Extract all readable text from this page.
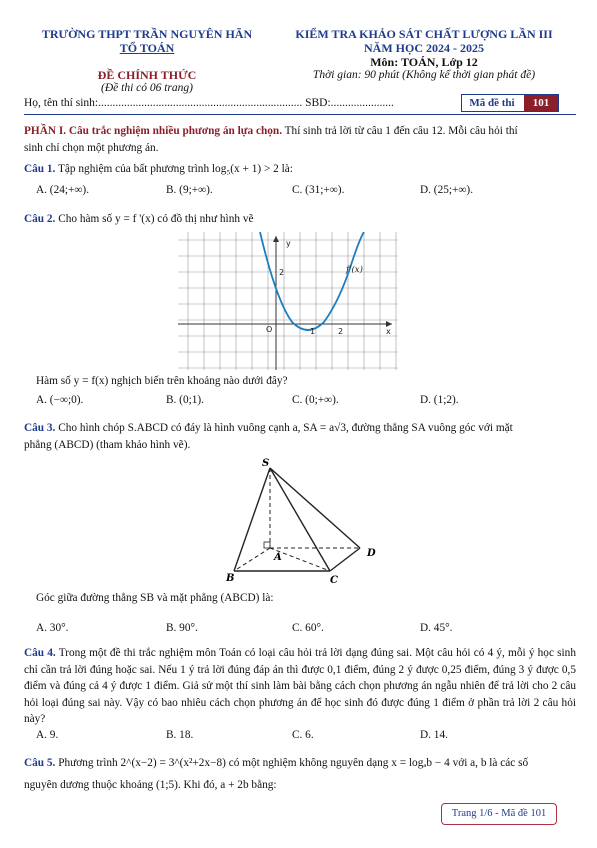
TRƯỜNG THPT TRẦN NGUYÊN HÃN
TỔ TOÁN
KIỂM TRA KHẢO SÁT CHẤT LƯỢNG LẦN III
NĂM HỌC 2024 - 2025
Môn: TOÁN, Lớp 12
ĐỀ CHÍNH THỨC	Thời gian: 90 phút (Không kể thời gian phát đề)
(Đề thi có 06 trang)
Họ, tên thí sinh:....................................................................... SBD:......................	Mã đề thi	101
PHẦN I. Câu trắc nghiệm nhiều phương án lựa chọn. Thí sinh trả lời từ câu 1 đến câu 12. Mỗi câu hỏi thí
sinh chỉ chọn một phương án.
Câu 1. Tập nghiệm của bất phương trình log₅(x + 1) > 2 là:
A. (24;+∞).	B. (9;+∞).	C. (31;+∞).	D. (25;+∞).
Câu 2. Cho hàm số y = f '(x) có đồ thị như hình vẽ
y
x
O
2
1	2
f'(x)
Hàm số y = f(x) nghịch biến trên khoảng nào dưới đây?
A. (−∞;0).	B. (0;1).	C. (0;+∞).	D. (1;2).
Câu 3. Cho hình chóp S.ABCD có đáy là hình vuông cạnh a, SA = a√3, đường thẳng SA vuông góc với mặt
phẳng (ABCD) (tham khảo hình vẽ).
S
A
B	C
D
Góc giữa đường thẳng SB và mặt phẳng (ABCD) là:
A. 30°.	B. 90°.	C. 60°.	D. 45°.
Câu 4. Trong một đề thi trắc nghiệm môn Toán có loại câu hỏi trả lời dạng đúng sai. Một câu hỏi có 4 ý, mỗi ý học sinh chỉ cần trả lời đúng hoặc sai. Nếu 1 ý trả lời đúng đáp án thì được 0,1 điểm, đúng 2 ý được 0,25 điểm, đúng 3 ý được 0,5 điểm và đúng cả 4 ý được 1 điểm. Giả sử một thí sinh làm bài bằng cách chọn phương án ngẫu nhiên để trả lời cho 2 câu hỏi loại đúng sai này. Vậy có bao nhiêu cách chọn phương án để học sinh đó được đúng 1 điểm ở phần trả lời 2 câu hỏi này?
A. 9.	B. 18.	C. 6.	D. 14.
Câu 5. Phương trình 2^(x−2) = 3^(x²+2x−8) có một nghiệm không nguyên dạng x = logₐb − 4 với a, b là các số
nguyên dương thuộc khoảng (1;5). Khi đó, a + 2b bằng:
Trang 1/6 - Mã đề 101
